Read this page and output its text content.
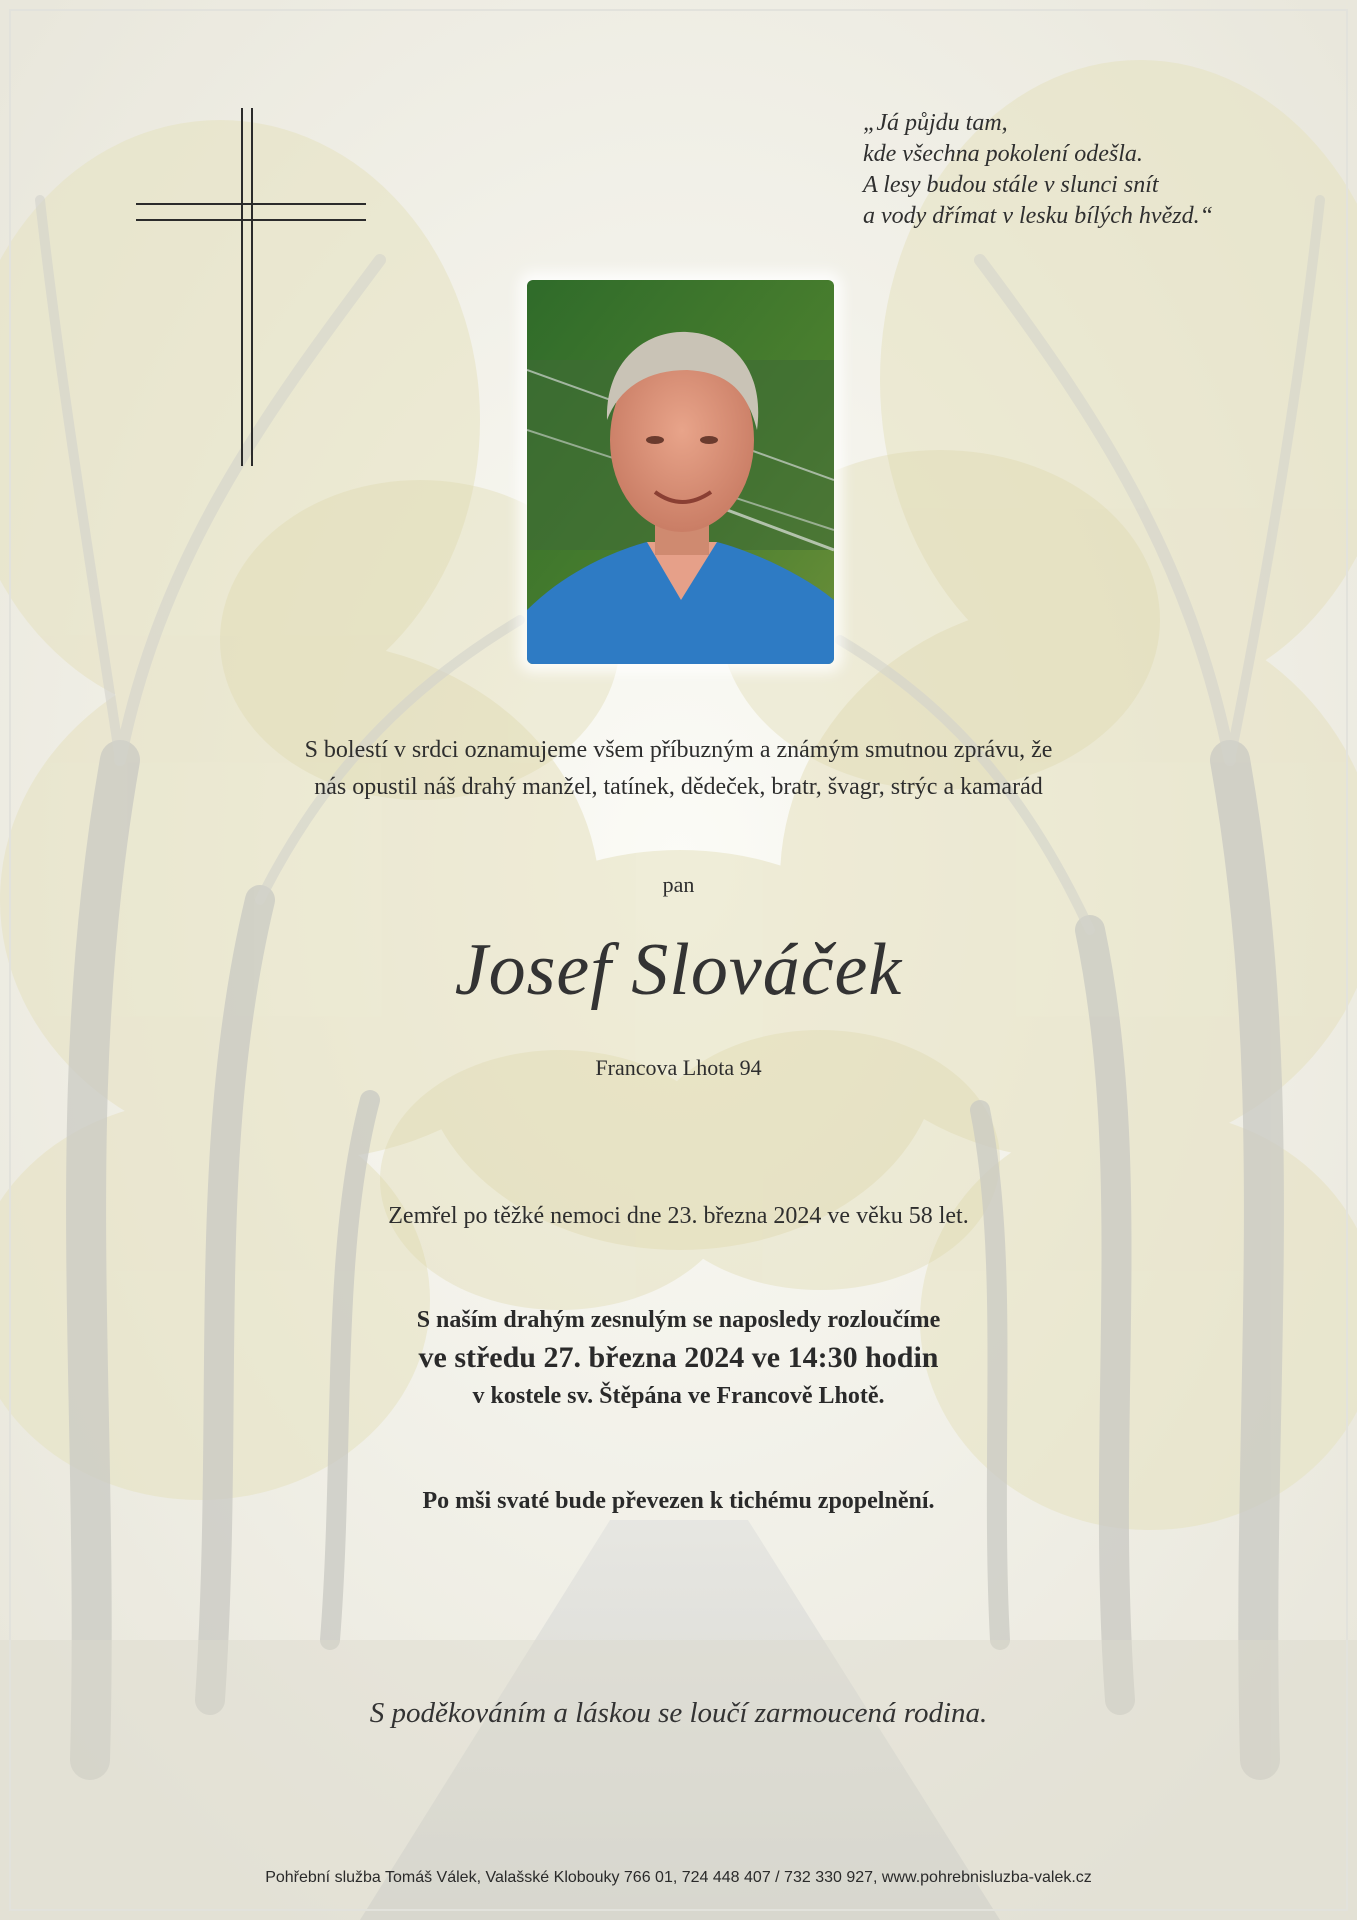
„Já půjdu tam,
kde všechna pokolení odešla.
A lesy budou stále v slunci snít
a vody dřímat v lesku bílých hvězd.“
S bolestí v srdci oznamujeme všem příbuzným a známým smutnou zprávu, že
nás opustil náš drahý manžel, tatínek, dědeček, bratr, švagr, strýc a kamarád
pan
Josef Slováček
Francova Lhota 94
Zemřel po těžké nemoci dne 23. března 2024 ve věku 58 let.
S naším drahým zesnulým se naposledy rozloučíme
ve středu 27. března 2024 ve 14:30 hodin
v kostele sv. Štěpána ve Francově Lhotě.
Po mši svaté bude převezen k tichému zpopelnění.
S poděkováním a láskou se loučí zarmoucená rodina.
Pohřební služba Tomáš Válek, Valašské Klobouky 766 01, 724 448 407 / 732 330 927, www.pohrebnisluzba-valek.cz
